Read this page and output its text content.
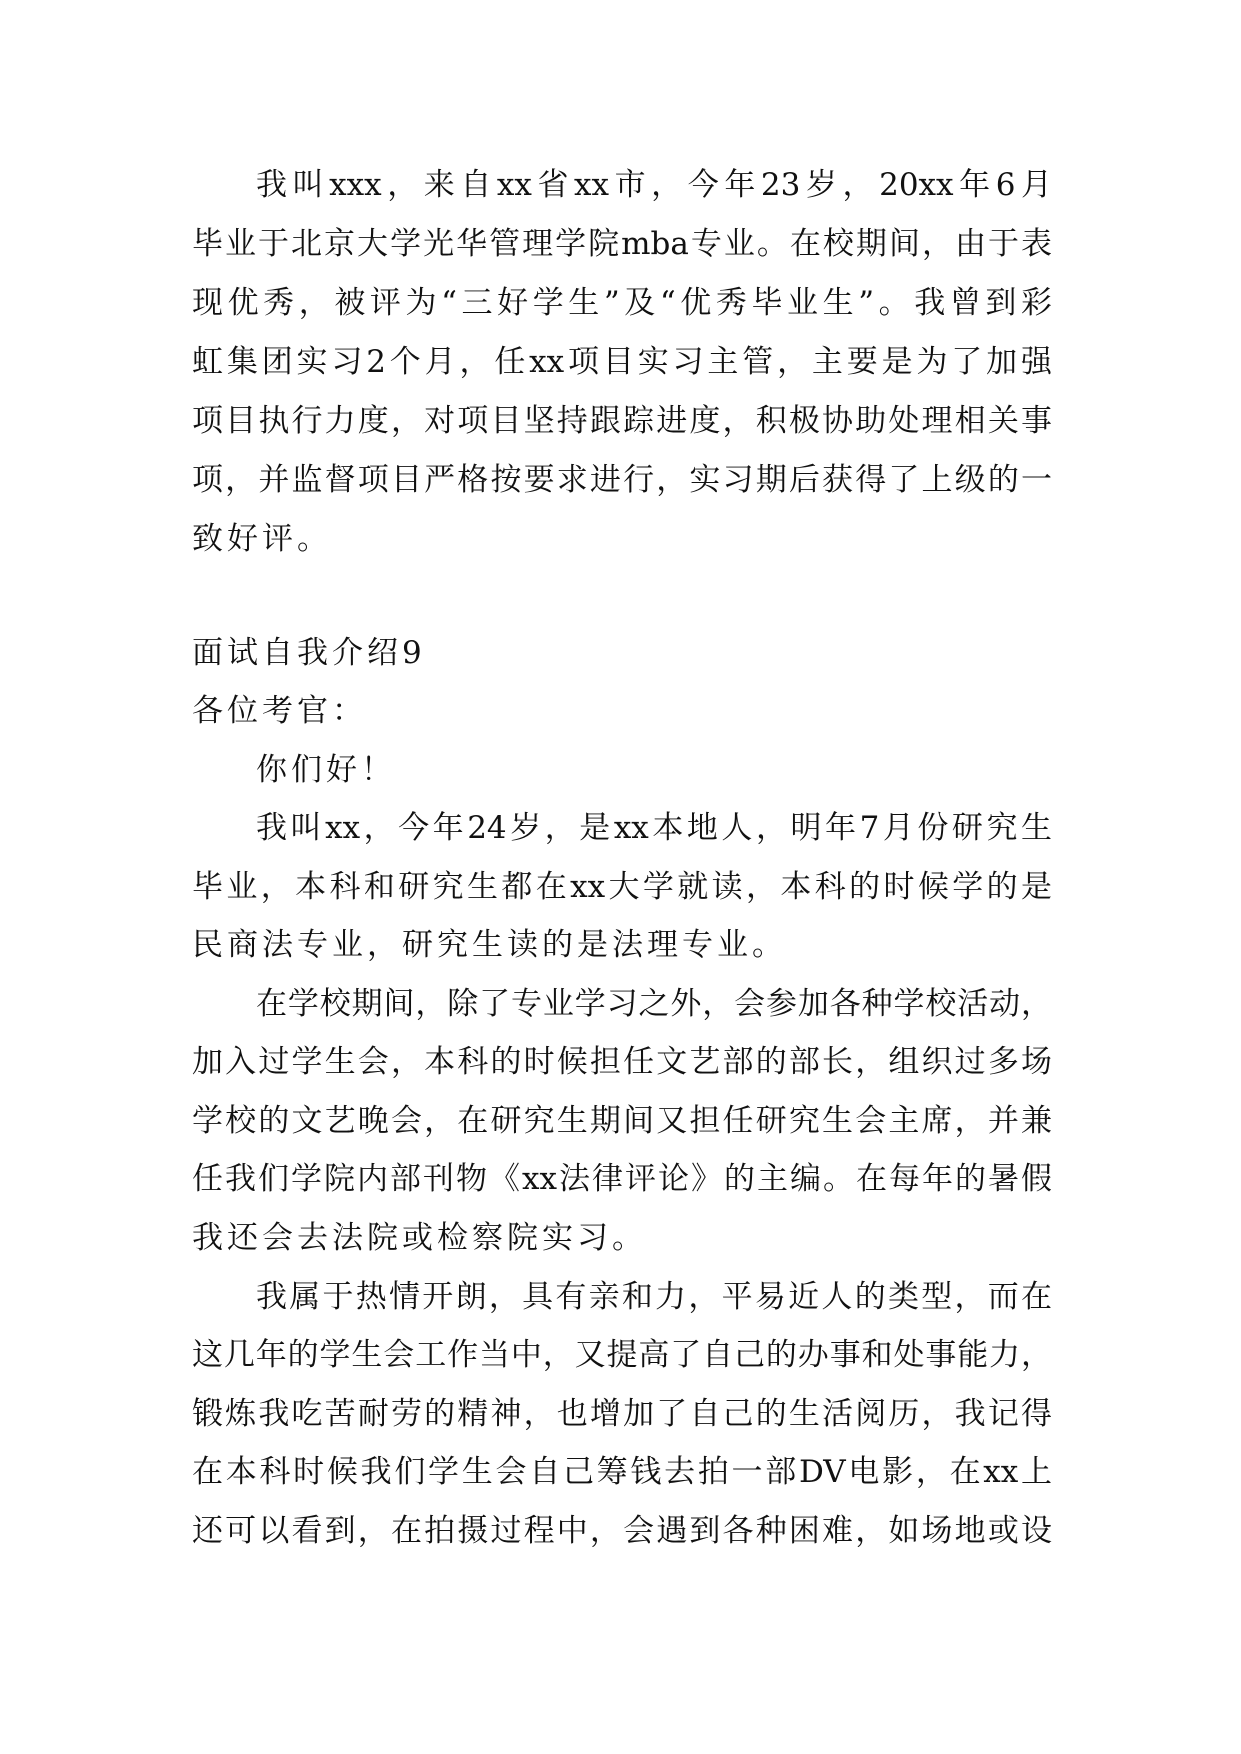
我叫xxx，来自xx省xx市，今年23岁，20xx年6月
毕业于北京大学光华管理学院mba专业。在校期间，由于表
现优秀，被评为“三好学生”及“优秀毕业生”。我曾到彩
虹集团实习2个月，任xx项目实习主管，主要是为了加强
项目执行力度，对项目坚持跟踪进度，积极协助处理相关事
项，并监督项目严格按要求进行，实习期后获得了上级的一
致好评。
面试自我介绍9
各位考官：
你们好！
我叫xx，今年24岁，是xx本地人，明年7月份研究生
毕业，本科和研究生都在xx大学就读，本科的时候学的是
民商法专业，研究生读的是法理专业。
在学校期间，除了专业学习之外，会参加各种学校活动，
加入过学生会，本科的时候担任文艺部的部长，组织过多场
学校的文艺晚会，在研究生期间又担任研究生会主席，并兼
任我们学院内部刊物《xx法律评论》的主编。在每年的暑假
我还会去法院或检察院实习。
我属于热情开朗，具有亲和力，平易近人的类型，而在
这几年的学生会工作当中，又提高了自己的办事和处事能力，
锻炼我吃苦耐劳的精神，也增加了自己的生活阅历，我记得
在本科时候我们学生会自己筹钱去拍一部DV电影，在xx上
还可以看到，在拍摄过程中，会遇到各种困难，如场地或设
